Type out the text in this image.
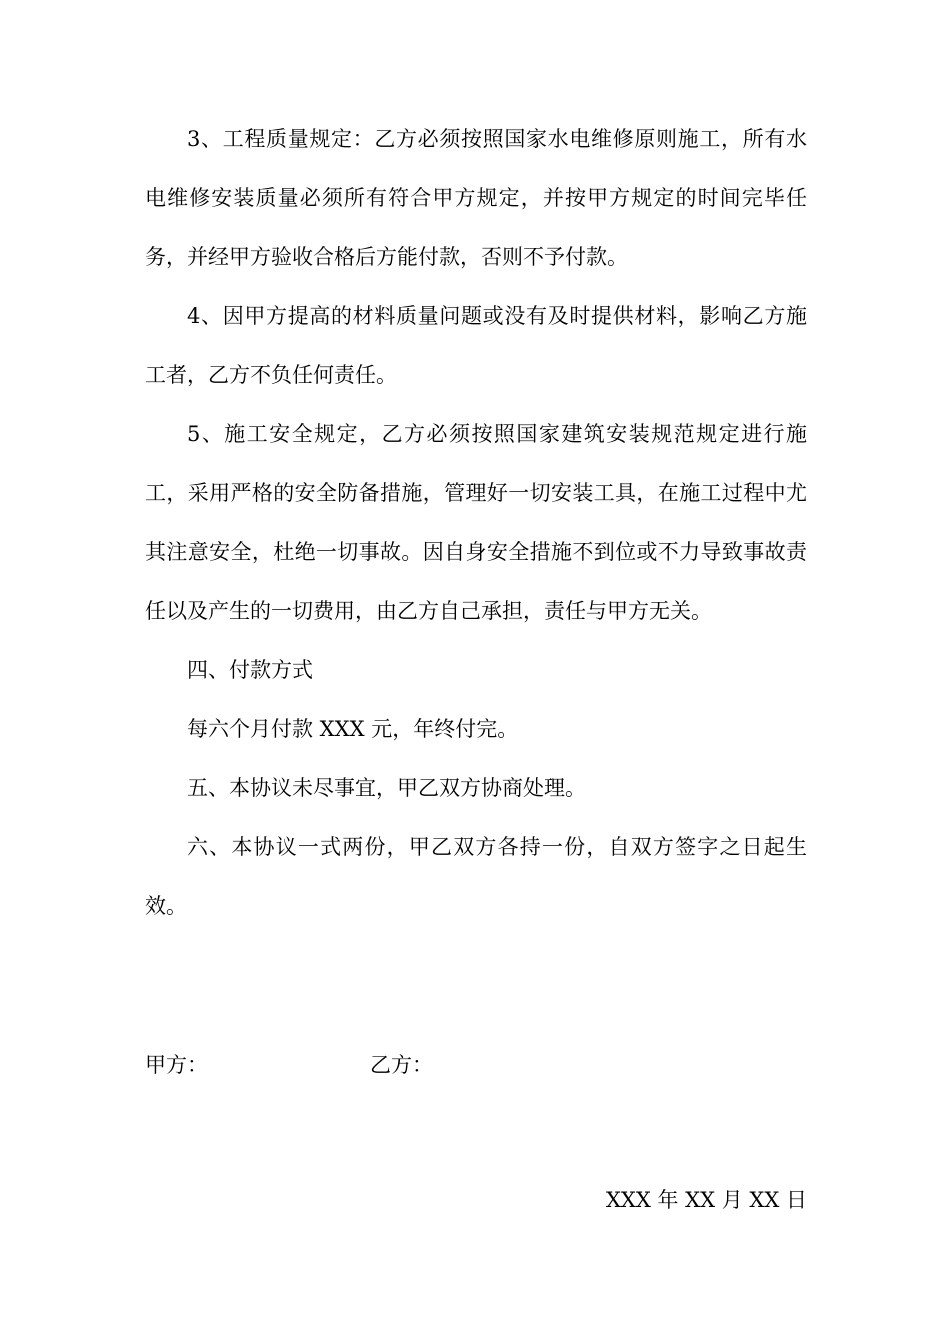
3、工程质量规定：乙方必须按照国家水电维修原则施工，所有水电维修安装质量必须所有符合甲方规定，并按甲方规定的时间完毕任务，并经甲方验收合格后方能付款，否则不予付款。

4、因甲方提高的材料质量问题或没有及时提供材料，影响乙方施工者，乙方不负任何责任。

5、施工安全规定，乙方必须按照国家建筑安装规范规定进行施工，采用严格的安全防备措施，管理好一切安装工具，在施工过程中尤其注意安全，杜绝一切事故。因自身安全措施不到位或不力导致事故责任以及产生的一切费用，由乙方自己承担，责任与甲方无关。

四、付款方式

每六个月付款 XXX 元，年终付完。

五、本协议未尽事宜，甲乙双方协商处理。

六、本协议一式两份，甲乙双方各持一份，自双方签字之日起生效。

甲方：	乙方：
XXX 年 XX 月 XX 日
